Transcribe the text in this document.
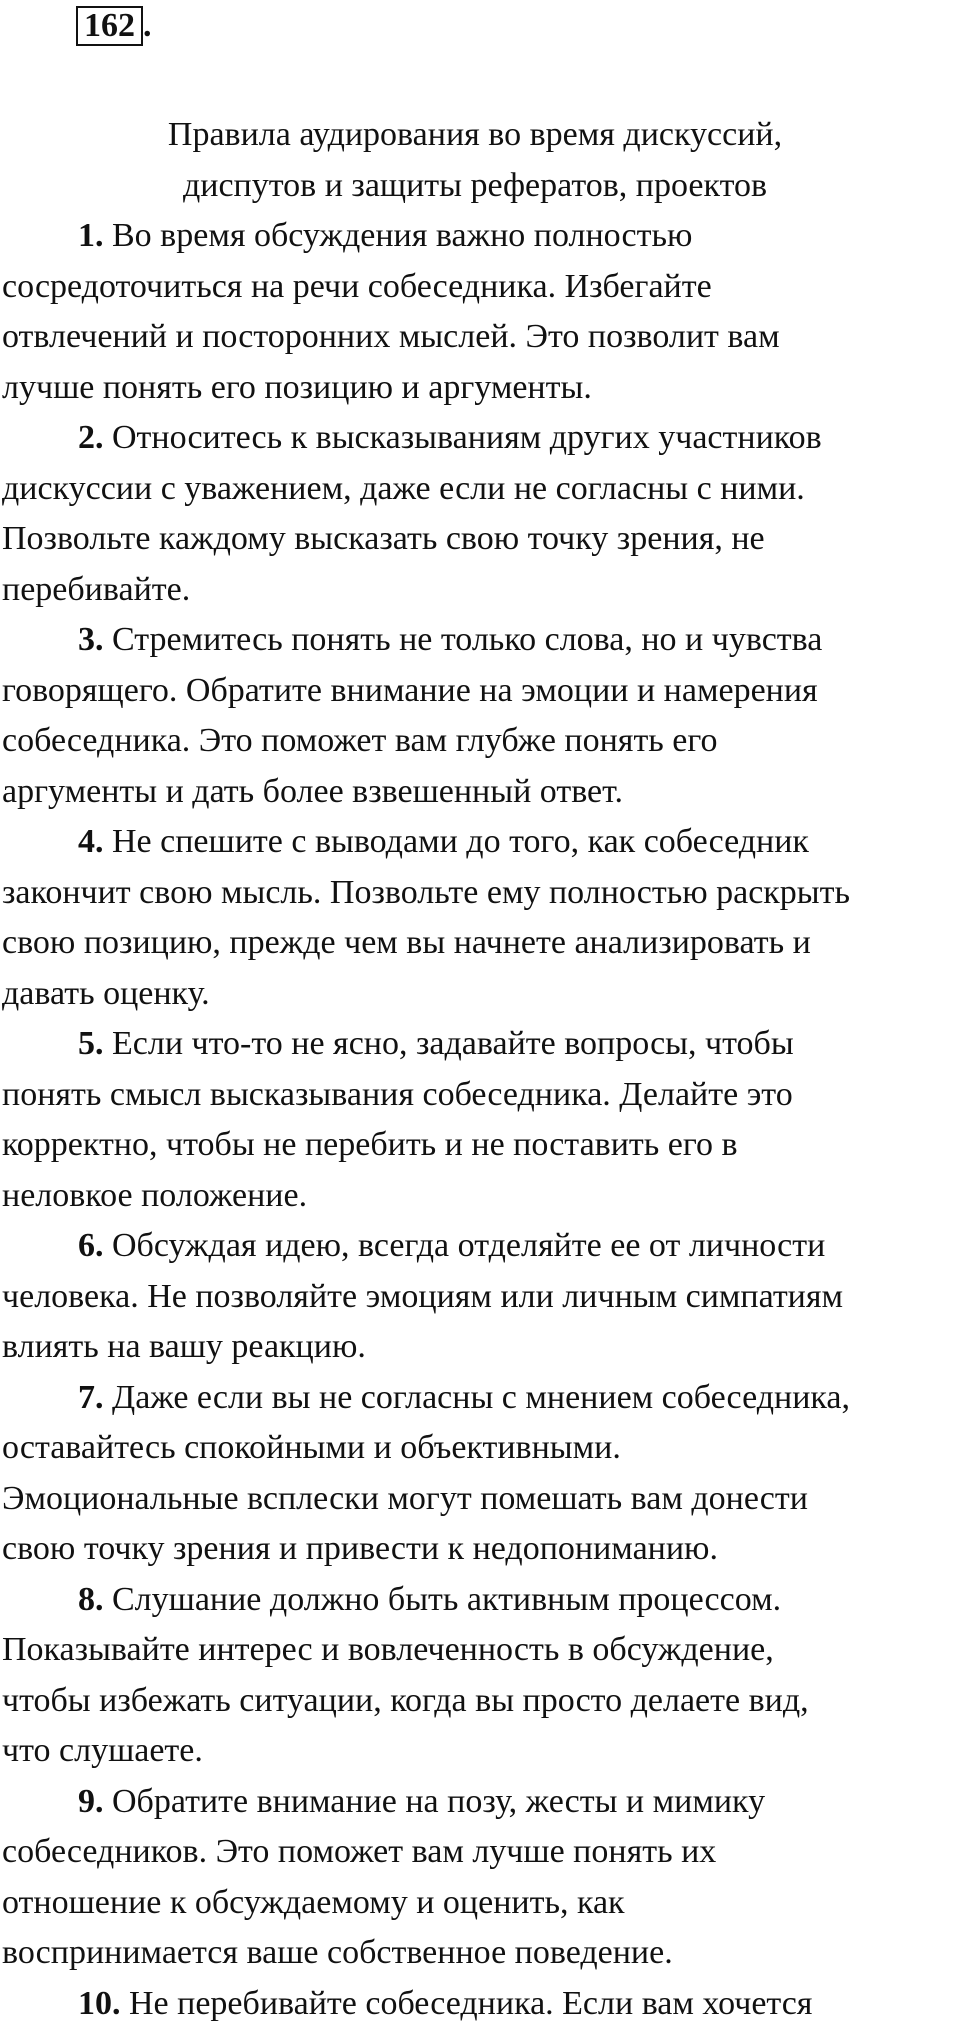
162 .
Правила аудирования во время дискуссий,
диспутов и защиты рефератов, проектов

1. Во время обсуждения важно полностью
сосредоточиться на речи собеседника. Избегайте
отвлечений и посторонних мыслей. Это позволит вам
лучше понять его позицию и аргументы.

2. Относитесь к высказываниям других участников
дискуссии с уважением, даже если не согласны с ними.
Позвольте каждому высказать свою точку зрения, не
перебивайте.

3. Стремитесь понять не только слова, но и чувства
говорящего. Обратите внимание на эмоции и намерения
собеседника. Это поможет вам глубже понять его
аргументы и дать более взвешенный ответ.

4. Не спешите с выводами до того, как собеседник
закончит свою мысль. Позвольте ему полностью раскрыть
свою позицию, прежде чем вы начнете анализировать и
давать оценку.

5. Если что-то не ясно, задавайте вопросы, чтобы
понять смысл высказывания собеседника. Делайте это
корректно, чтобы не перебить и не поставить его в
неловкое положение.

6. Обсуждая идею, всегда отделяйте ее от личности
человека. Не позволяйте эмоциям или личным симпатиям
влиять на вашу реакцию.

7. Даже если вы не согласны с мнением собеседника,
оставайтесь спокойными и объективными.
Эмоциональные всплески могут помешать вам донести
свою точку зрения и привести к недопониманию.

8. Слушание должно быть активным процессом.
Показывайте интерес и вовлеченность в обсуждение,
чтобы избежать ситуации, когда вы просто делаете вид,
что слушаете.

9. Обратите внимание на позу, жесты и мимику
собеседников. Это поможет вам лучше понять их
отношение к обсуждаемому и оценить, как
воспринимается ваше собственное поведение.

10. Не перебивайте собеседника. Если вам хочется
